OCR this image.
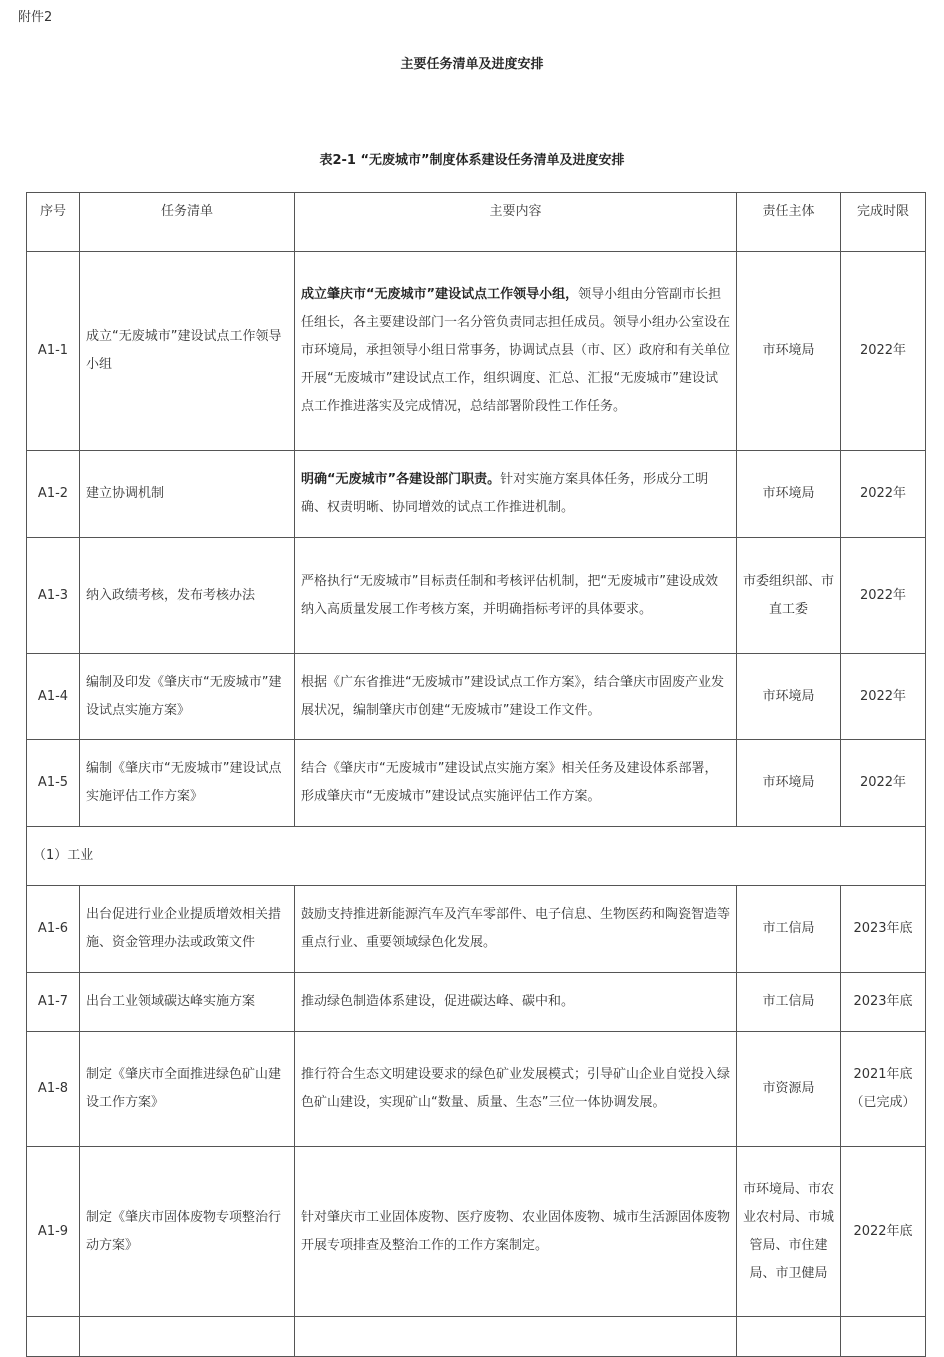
附件2
主要任务清单及进度安排
表2-1 “无废城市”制度体系建设任务清单及进度安排
序号	任务清单	主要内容	责任主体	完成时限
A1-1	成立“无废城市”建设试点工作领导小组	成立肇庆市“无废城市”建设试点工作领导小组，领导小组由分管副市长担任组长，各主要建设部门一名分管负责同志担任成员。领导小组办公室设在市环境局，承担领导小组日常事务，协调试点县（市、区）政府和有关单位开展“无废城市”建设试点工作，组织调度、汇总、汇报“无废城市”建设试点工作推进落实及完成情况，总结部署阶段性工作任务。	市环境局	2022年
A1-2	建立协调机制	明确“无废城市”各建设部门职责。针对实施方案具体任务，形成分工明确、权责明晰、协同增效的试点工作推进机制。	市环境局	2022年
A1-3	纳入政绩考核，发布考核办法	严格执行“无废城市”目标责任制和考核评估机制，把“无废城市”建设成效纳入高质量发展工作考核方案，并明确指标考评的具体要求。	市委组织部、市直工委	2022年
A1-4	编制及印发《肇庆市“无废城市”建设试点实施方案》	根据《广东省推进“无废城市”建设试点工作方案》，结合肇庆市固废产业发展状况，编制肇庆市创建“无废城市”建设工作文件。	市环境局	2022年
A1-5	编制《肇庆市“无废城市”建设试点实施评估工作方案》	结合《肇庆市“无废城市”建设试点实施方案》相关任务及建设体系部署，形成肇庆市“无废城市”建设试点实施评估工作方案。	市环境局	2022年
（1）工业				
A1-6	出台促进行业企业提质增效相关措施、资金管理办法或政策文件	鼓励支持推进新能源汽车及汽车零部件、电子信息、生物医药和陶瓷智造等重点行业、重要领域绿色化发展。	市工信局	2023年底
A1-7	出台工业领域碳达峰实施方案	推动绿色制造体系建设，促进碳达峰、碳中和。	市工信局	2023年底
A1-8	制定《肇庆市全面推进绿色矿山建设工作方案》	推行符合生态文明建设要求的绿色矿业发展模式；引导矿山企业自觉投入绿色矿山建设，实现矿山“数量、质量、生态”三位一体协调发展。	市资源局	2021年底（已完成）
A1-9	制定《肇庆市固体废物专项整治行动方案》	针对肇庆市工业固体废物、医疗废物、农业固体废物、城市生活源固体废物开展专项排查及整治工作的工作方案制定。	市环境局、市农业农村局、市城管局、市住建局、市卫健局	2022年底
